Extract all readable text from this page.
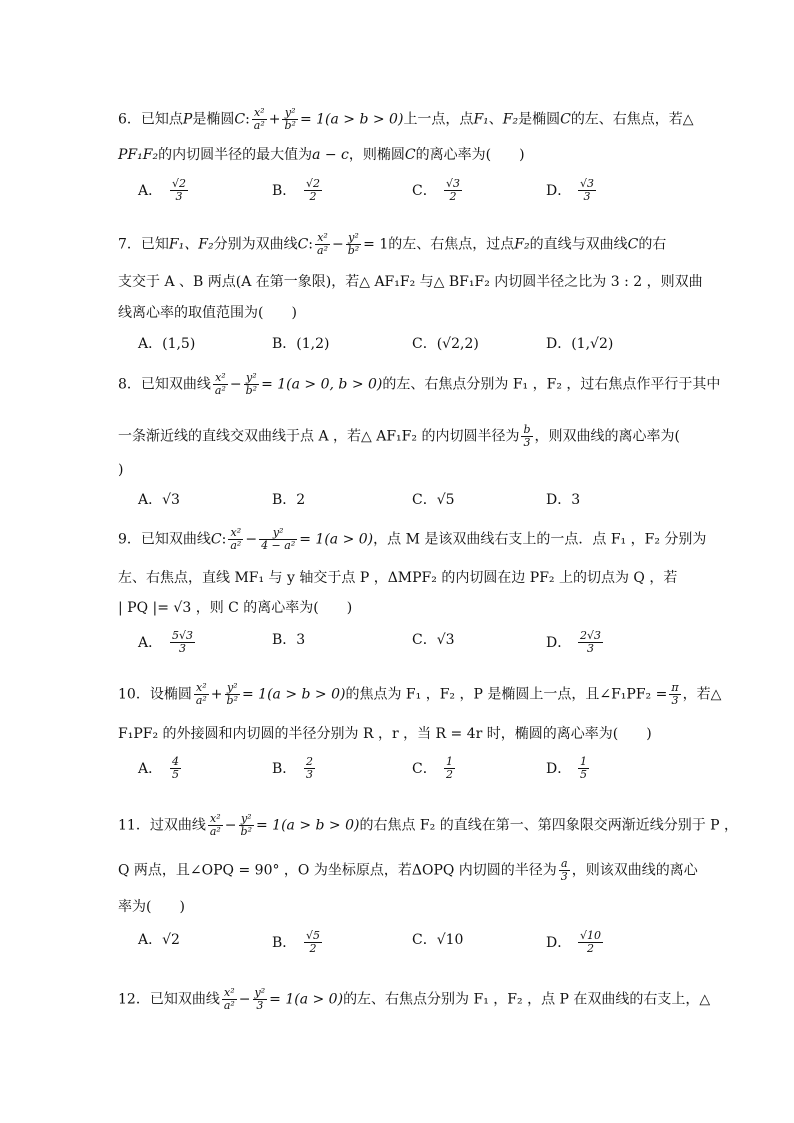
6．已知点P是椭圆C: $\frac{\text{x²}}{\text{a²}} + \frac{\text{y²}}{\text{b²}} = 1(a > b > 0)$上一点，点F₁、F₂是椭圆C的左、右焦点，若△
PF₁F₂的内切圆半径的最大值为a − c，则椭圆C的离心率为(　　)
A． $\frac{√2}{3}$	B． $\frac{√2}{2}$	C． $\frac{√3}{2}$	D． $\frac{√3}{3}$
7．已知F₁、F₂分别为双曲线C: $\frac{\text{x²}}{\text{a²}} - \frac{\text{y²}}{\text{b²}} = 1$的左、右焦点，过点F₂的直线与双曲线C的右
支交于 A 、B 两点(A 在第一象限)，若△ AF₁F₂ 与△ BF₁F₂ 内切圆半径之比为 3 : 2 ，则双曲
线离心率的取值范围为(　　)
A．(1,5)	B．(1,2)	C．(√2,2)	D．(1,√2)
8．已知双曲线 $\frac{\text{x²}}{\text{a²}} - \frac{\text{y²}}{\text{b²}} = 1(a > 0$, b > 0)的左、右焦点分别为 F₁ ，F₂ ，过右焦点作平行于其中
一条渐近线的直线交双曲线于点 A ，若△ AF₁F₂ 的内切圆半径为 $\frac{b}{3}$ ，则双曲线的离心率为(
)
A．√3	B．2	C．√5	D．3
9．已知双曲线C: $\frac{\text{x²}}{\text{a²}} - \frac{\text{y²}}{\text{4 − a²}} = 1(a > 0)$，点 M 是该双曲线右支上的一点．点 F₁ ，F₂ 分别为
左、右焦点，直线 MF₁ 与 y 轴交于点 P ，ΔMPF₂ 的内切圆在边 PF₂ 上的切点为 Q ，若
| PQ |= √3 ，则 C 的离心率为(　　)
A． $\frac{5√3}{3}$	B．3	C．√3	D． $\frac{2√3}{3}$
10．设椭圆 $\frac{\text{x²}}{\text{a²}} + \frac{\text{y²}}{\text{b²}} = 1(a > b > 0)$的焦点为 F₁ ，F₂ ，P 是椭圆上一点，且∠F₁PF₂ = $\frac{\pi}{3}$ ，若△
F₁PF₂ 的外接圆和内切圆的半径分别为 R ，r ，当 R = 4r 时，椭圆的离心率为(　　)
A． $\frac{4}{5}$	B． $\frac{2}{3}$	C． $\frac{1}{2}$	D． $\frac{1}{5}$
11．过双曲线 $\frac{\text{x²}}{\text{a²}} - \frac{\text{y²}}{\text{b²}} = 1(a > b > 0)$的右焦点 F₂ 的直线在第一、第四象限交两渐近线分别于 P ，
Q 两点，且∠OPQ = 90° ，O 为坐标原点，若ΔOPQ 内切圆的半径为 $\frac{a}{3}$ ，则该双曲线的离心
率为(　　)
A．√2	B． $\frac{√5}{2}$	C．√10	D． $\frac{√10}{2}$
12．已知双曲线 $\frac{\text{x²}}{\text{a²}} - \frac{\text{y²}}{3} = 1(a > 0)$的左、右焦点分别为 F₁ ，F₂ ，点 P 在双曲线的右支上，△
